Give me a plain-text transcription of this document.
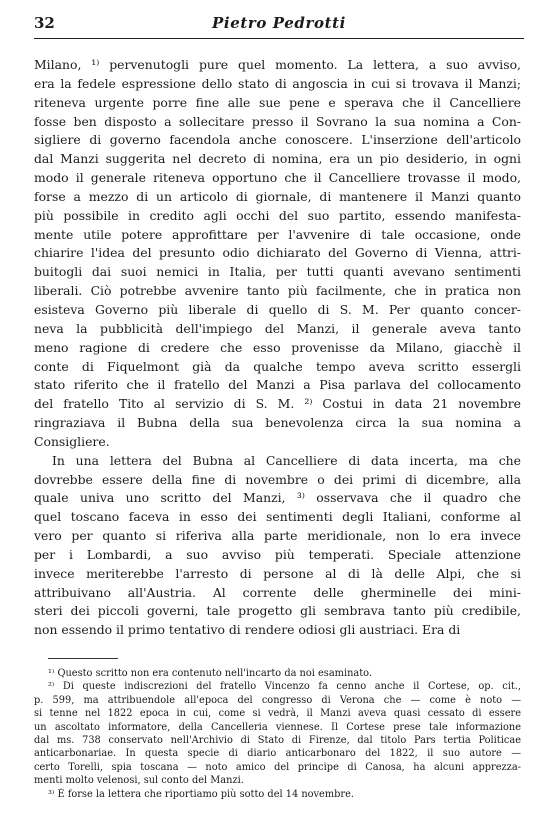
32	Pietro Pedrotti
Milano, ¹⁾ pervenutogli pure quel momento. La lettera, a suo avviso,
era la fedele espressione dello stato di angoscia in cui si trovava il Manzi;
riteneva urgente porre fine alle sue pene e sperava che il Cancelliere
fosse ben disposto a sollecitare presso il Sovrano la sua nomina a Con-
sigliere di governo facendola anche conoscere. L'inserzione dell'articolo
dal Manzi suggerita nel decreto di nomina, era un pio desiderio, in ogni
modo il generale riteneva opportuno che il Cancelliere trovasse il modo,
forse a mezzo di un articolo di giornale, di mantenere il Manzi quanto
più possibile in credito agli occhi del suo partito, essendo manifesta-
mente utile potere approfittare per l'avvenire di tale occasione, onde
chiarire l'idea del presunto odio dichiarato del Governo di Vienna, attri-
buitogli dai suoi nemici in Italia, per tutti quanti avevano sentimenti
liberali. Ciò potrebbe avvenire tanto più facilmente, che in pratica non
esisteva Governo più liberale di quello di S. M. Per quanto concer-
neva la pubblicità dell'impiego del Manzi, il generale aveva tanto
meno ragione di credere che esso provenisse da Milano, giacchè il
conte di Fiquelmont già da qualche tempo aveva scritto essergli
stato riferito che il fratello del Manzi a Pisa parlava del collocamento
del fratello Tito al servizio di S. M. ²⁾ Costui in data 21 novembre
ringraziava il Bubna della sua benevolenza circa la sua nomina a
Consigliere.
In una lettera del Bubna al Cancelliere di data incerta, ma che
dovrebbe essere della fine di novembre o dei primi di dicembre, alla
quale univa uno scritto del Manzi, ³⁾ osservava che il quadro che
quel toscano faceva in esso dei sentimenti degli Italiani, conforme al
vero per quanto si riferiva alla parte meridionale, non lo era invece
per i Lombardi, a suo avviso più temperati. Speciale attenzione
invece meriterebbe l'arresto di persone al di là delle Alpi, che si
attribuivano all'Austria. Al corrente delle gherminelle dei mini-
steri dei piccoli governi, tale progetto gli sembrava tanto più credibile,
non essendo il primo tentativo di rendere odiosi gli austriaci. Era di
¹⁾ Questo scritto non era contenuto nell'incarto da noi esaminato.
²⁾ Di queste indiscrezioni del fratello Vincenzo fa cenno anche il Cortese, op. cit.,
p. 599, ma attribuendole all'epoca del congresso di Verona che — come è noto —
si tenne nel 1822 epoca in cui, come si vedrà, il Manzi aveva quasi cessato di essere
un ascoltato informatore, della Cancelleria viennese. Il Cortese prese tale informazione
dal ms. 738 conservato nell'Archivio di Stato di Firenze, dal titolo Pars tertia Politicae
anticarbonariae. In questa specie di diario anticarbonaro del 1822, il suo autore —
certo Torelli, spia toscana — noto amico del principe di Canosa, ha alcuni apprezza-
menti molto velenosi, sul conto del Manzi.
³⁾ È forse la lettera che riportiamo più sotto del 14 novembre.
